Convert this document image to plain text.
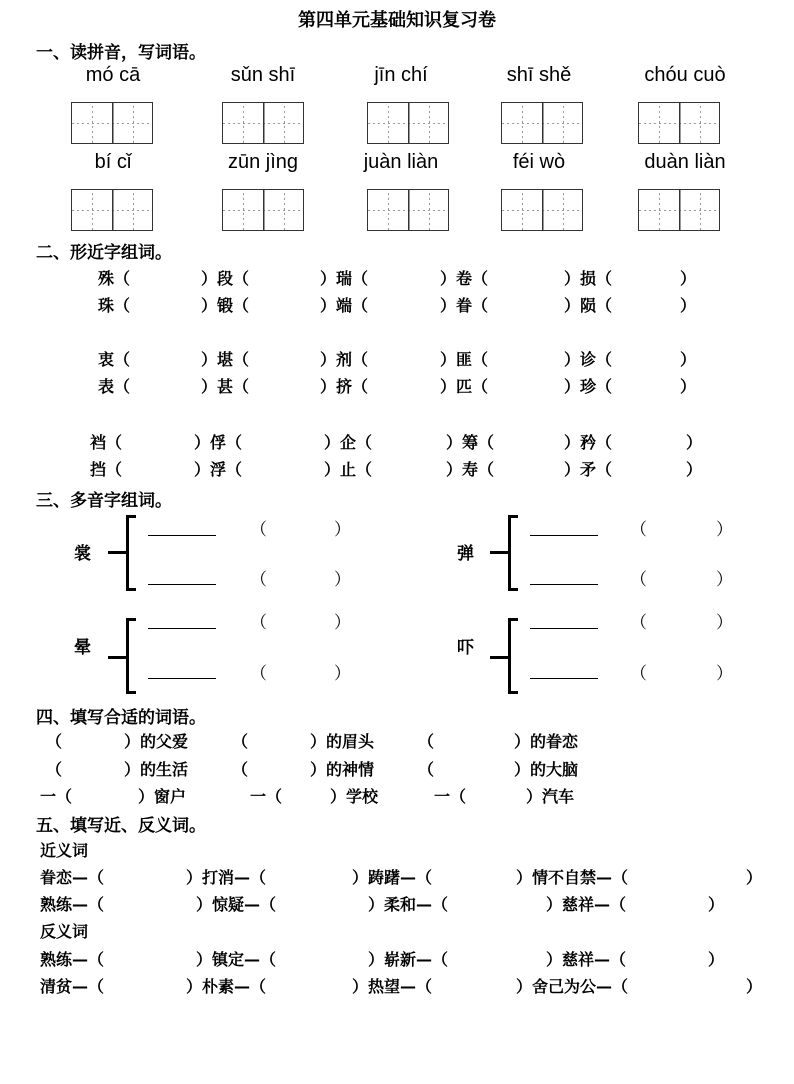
第四单元基础知识复习卷
一、读拼音，写词语。
mó cā	sǔn shī	jīn chí	shī shě	chóu cuò
bí cǐ	zūn jìng	juàn liàn	féi wò	duàn liàn
二、形近字组词。
殊（	）段（	）瑞（	）卷（	）损（	）
珠（	）锻（	）端（	）眷（	）陨（	）
衷（	）堪（	）剂（	）匪（	）诊（	）
表（	）甚（	）挤（	）匹（	）珍（	）
裆（	）俘（	）企（	）筹（	）矜（	）
挡（	）浮（	）止（	）寿（	）矛（	）
三、多音字组词。
裳
（	）
（	）
弹
（	）
（	）
晕
（	）
（	）
吓
（	）
（	）
四、填写合适的词语。
（	）的父爱	（	）的眉头	（	）的眷恋
（	）的生活	（	）的神情	（	）的大脑
一（	）窗户	一（	）学校	一（	）汽车
五、填写近、反义词。
近义词
眷恋—（	）打消—（	）踌躇—（	）情不自禁—（	）
熟练—（	）惊疑—（	）柔和—（	）慈祥—（	）
反义词
熟练—（	）镇定—（	）崭新—（	）慈祥—（	）
清贫—（	）朴素—（	）热望—（	）舍己为公—（	）
